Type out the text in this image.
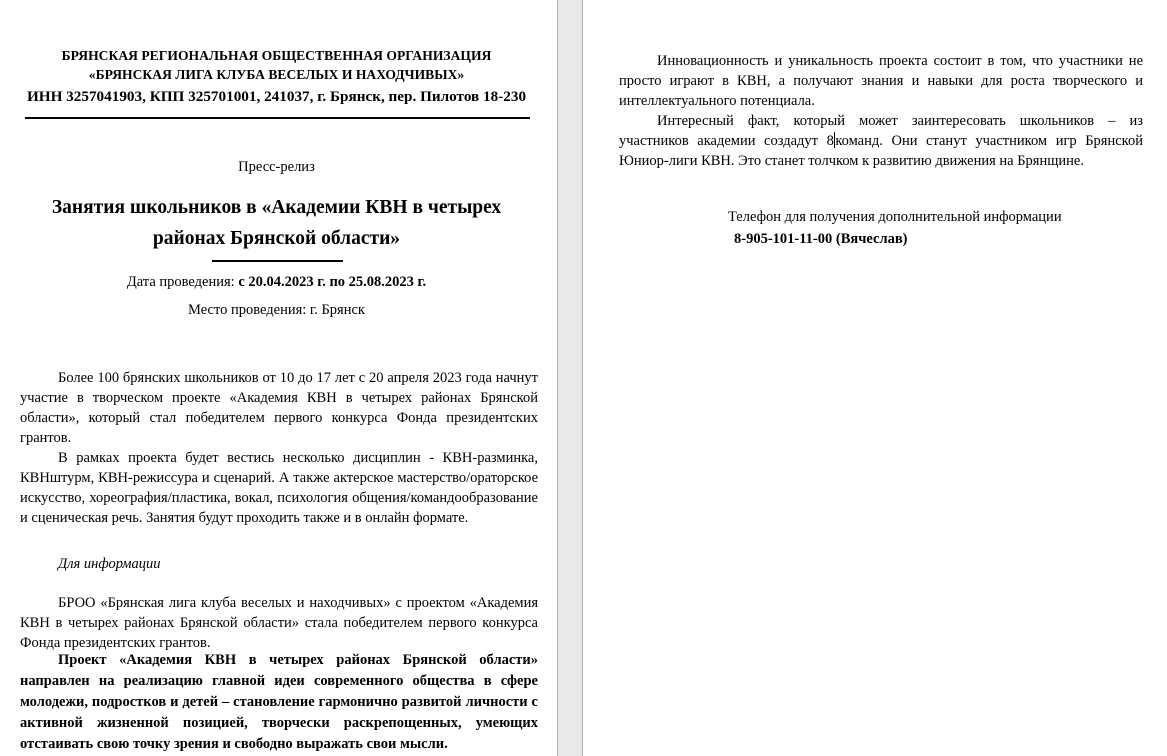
БРЯНСКАЯ РЕГИОНАЛЬНАЯ ОБЩЕСТВЕННАЯ ОРГАНИЗАЦИЯ
«БРЯНСКАЯ ЛИГА КЛУБА ВЕСЕЛЫХ И НАХОДЧИВЫХ»
ИНН 3257041903, КПП 325701001, 241037, г. Брянск, пер. Пилотов 18-230
Пресс-релиз
Занятия школьников в «Академии КВН в четырех
районах Брянской области»
Дата проведения: с 20.04.2023 г. по 25.08.2023 г.
Место проведения: г. Брянск

Более 100 брянских школьников от 10 до 17 лет с 20 апреля 2023 года начнут участие в творческом проекте «Академия КВН в четырех районах Брянской области», который стал победителем первого конкурса Фонда президентских грантов.

В рамках проекта будет вестись несколько дисциплин - КВН-разминка, КВНштурм, КВН-режиссура и сценарий. А также актерское мастерство/ораторское искусство, хореография/пластика, вокал, психология общения/командообразование и сценическая речь. Занятия будут проходить также и в онлайн формате.

Для информации

БРОО «Брянская лига клуба веселых и находчивых» с проектом «Академия КВН в четырех районах Брянской области» стала победителем первого конкурса Фонда президентских грантов.

Проект «Академия КВН в четырех районах Брянской области» направлен на реализацию главной идеи современного общества в сфере молодежи, подростков и детей – становление гармонично развитой личности с активной жизненной позицией, творчески раскрепощенных, умеющих отстаивать свою точку зрения и свободно выражать свои мысли.

Инновационность и уникальность проекта состоит в том, что участники не просто играют в КВН, а получают знания и навыки для роста творческого и интеллектуального потенциала.

Интересный факт, который может заинтересовать школьников – из участников академии создадут 8 команд. Они станут участником игр Брянской Юниор-лиги КВН. Это станет толчком к развитию движения на Брянщине.

Телефон для получения дополнительной информации
8-905-101-11-00 (Вячеслав)
